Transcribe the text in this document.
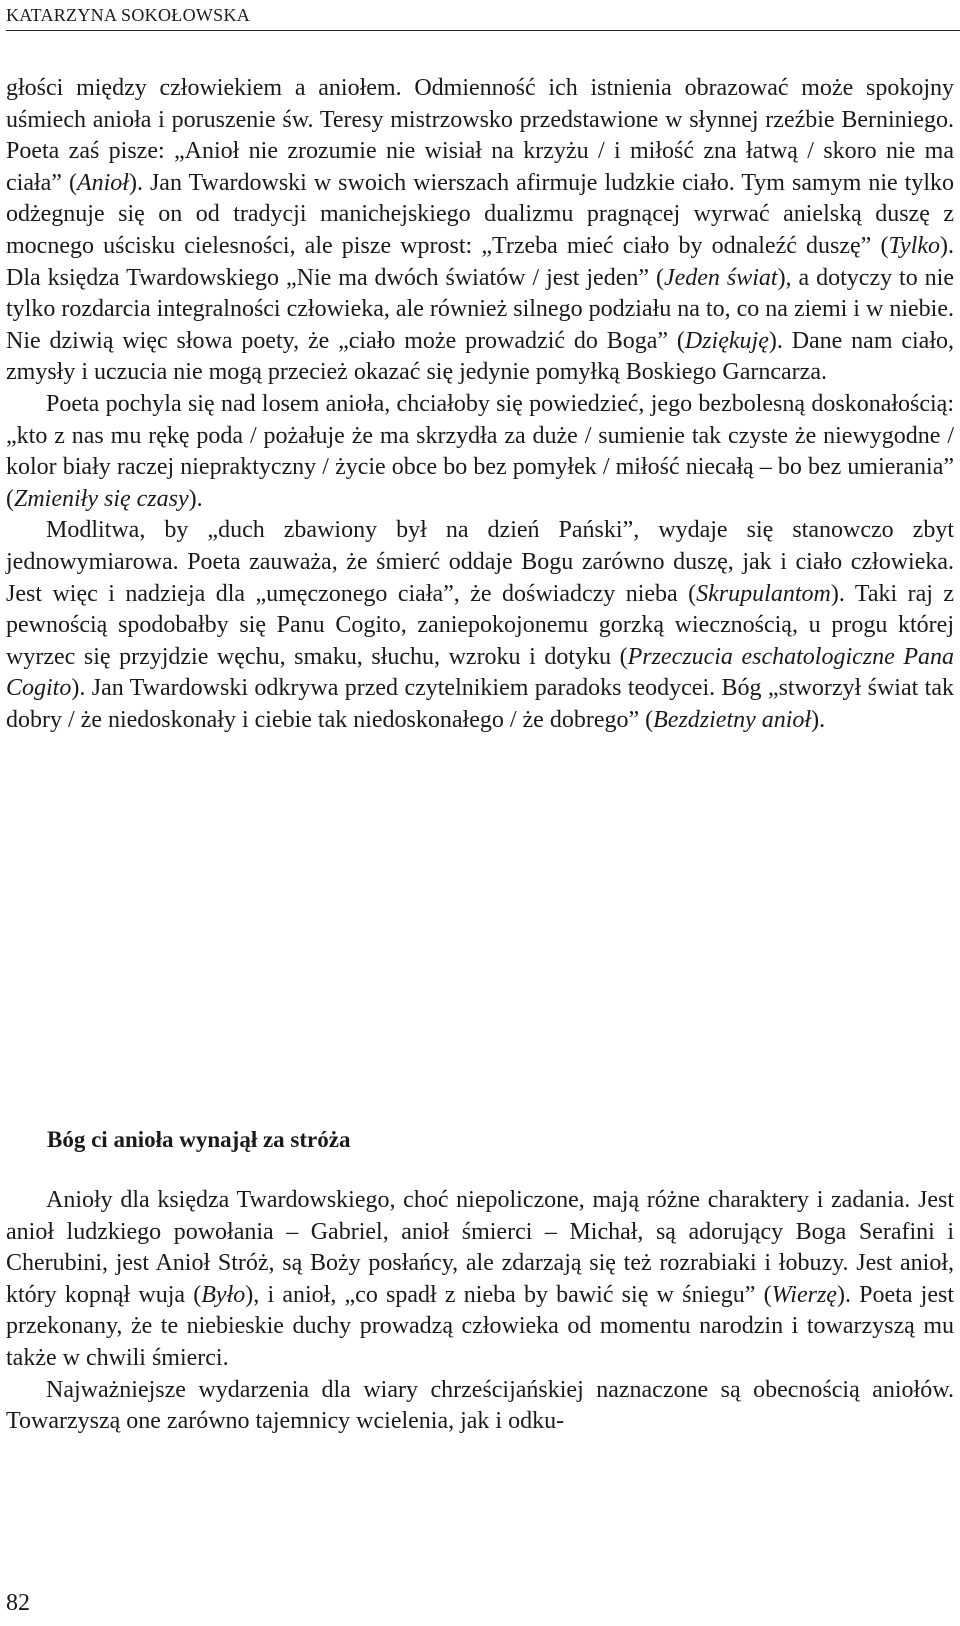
KATARZYNA SOKOŁOWSKA

głości między człowiekiem a aniołem. Odmienność ich istnienia obrazować może spokojny uśmiech anioła i poruszenie św. Teresy mistrzowsko przedstawione w słynnej rzeźbie Berniniego. Poeta zaś pisze: „Anioł nie zrozumie nie wisiał na krzyżu / i miłość zna łatwą / skoro nie ma ciała” (Anioł). Jan Twardowski w swoich wierszach afirmuje ludzkie ciało. Tym samym nie tylko odżegnuje się on od tradycji manichejskiego dualizmu pragnącej wyrwać anielską duszę z mocnego uścisku cielesności, ale pisze wprost: „Trzeba mieć ciało by odnaleźć duszę” (Tylko). Dla księdza Twardowskiego „Nie ma dwóch światów / jest jeden” (Jeden świat), a dotyczy to nie tylko rozdarcia integralności człowieka, ale również silnego podziału na to, co na ziemi i w niebie. Nie dziwią więc słowa poety, że „ciało może prowadzić do Boga” (Dziękuję). Dane nam ciało, zmysły i uczucia nie mogą przecież okazać się jedynie pomyłką Boskiego Garncarza.

Poeta pochyla się nad losem anioła, chciałoby się powiedzieć, jego bezbolesną doskonałością: „kto z nas mu rękę poda / pożałuje że ma skrzydła za duże / sumienie tak czyste że niewygodne / kolor biały raczej niepraktyczny / życie obce bo bez pomyłek / miłość niecałą – bo bez umierania” (Zmieniły się czasy).

Modlitwa, by „duch zbawiony był na dzień Pański”, wydaje się stanowczo zbyt jednowymiarowa. Poeta zauważa, że śmierć oddaje Bogu zarówno duszę, jak i ciało człowieka. Jest więc i nadzieja dla „umęczonego ciała”, że doświadczy nieba (Skrupulantom). Taki raj z pewnością spodobałby się Panu Cogito, zaniepokojonemu gorzką wiecznością, u progu której wyrzec się przyjdzie węchu, smaku, słuchu, wzroku i dotyku (Przeczucia eschatologiczne Pana Cogito). Jan Twardowski odkrywa przed czytelnikiem paradoks teodycei. Bóg „stworzył świat tak dobry / że niedoskonały i ciebie tak niedoskonałego / że dobrego” (Bezdzietny anioł).

Bóg ci anioła wynajął za stróża

Anioły dla księdza Twardowskiego, choć niepoliczone, mają różne charaktery i zadania. Jest anioł ludzkiego powołania – Gabriel, anioł śmierci – Michał, są adorujący Boga Serafini i Cherubini, jest Anioł Stróż, są Boży posłańcy, ale zdarzają się też rozrabiaki i łobuzy. Jest anioł, który kopnął wuja (Było), i anioł, „co spadł z nieba by bawić się w śniegu” (Wierzę). Poeta jest przekonany, że te niebieskie duchy prowadzą człowieka od momentu narodzin i towarzyszą mu także w chwili śmierci.

Najważniejsze wydarzenia dla wiary chrześcijańskiej naznaczone są obecnością aniołów. Towarzyszą one zarówno tajemnicy wcielenia, jak i odku-

82
